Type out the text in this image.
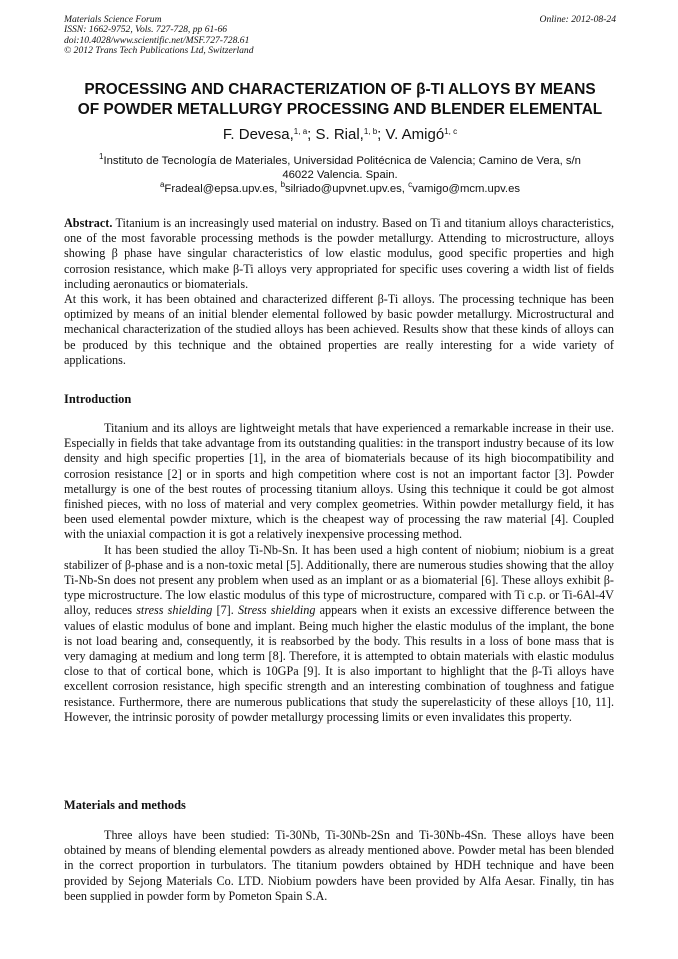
Materials Science Forum
ISSN: 1662-9752, Vols. 727-728, pp 61-66
doi:10.4028/www.scientific.net/MSF.727-728.61
© 2012 Trans Tech Publications Ltd, Switzerland
Online: 2012-08-24
PROCESSING AND CHARACTERIZATION OF β-TI ALLOYS BY MEANS
OF POWDER METALLURGY PROCESSING AND BLENDER ELEMENTAL
F. Devesa,$^{1, a}$; S. Rial,$^{1, b}$; V. Amigó$^{1, c}$
$^1$Instituto de Tecnología de Materiales, Universidad Politécnica de Valencia; Camino de Vera, s/n
46022 Valencia. Spain.
$^a$Fradeal@epsa.upv.es, $^b$silriado@upvnet.upv.es, $^c$vamigo@mcm.upv.es

Abstract. Titanium is an increasingly used material on industry. Based on Ti and titanium alloys characteristics, one of the most favorable processing methods is the powder metallurgy. Attending to microstructure, alloys showing β phase have singular characteristics of low elastic modulus, good specific properties and high corrosion resistance, which make β-Ti alloys very appropriated for specific uses covering a width list of fields including aeronautics or biomaterials.

At this work, it has been obtained and characterized different β-Ti alloys. The processing technique has been optimized by means of an initial blender elemental followed by basic powder metallurgy. Microstructural and mechanical characterization of the studied alloys has been achieved. Results show that these kinds of alloys can be produced by this technique and the obtained properties are really interesting for a wide variety of applications.

Introduction

Titanium and its alloys are lightweight metals that have experienced a remarkable increase in their use. Especially in fields that take advantage from its outstanding qualities: in the transport industry because of its low density and high specific properties [1], in the area of biomaterials because of its high biocompatibility and corrosion resistance [2] or in sports and high competition where cost is not an important factor [3]. Powder metallurgy is one of the best routes of processing titanium alloys. Using this technique it could be got almost finished pieces, with no loss of material and very complex geometries. Within powder metallurgy field, it has been used elemental powder mixture, which is the cheapest way of processing the raw material [4]. Coupled with the uniaxial compaction it is got a relatively inexpensive processing method.

It has been studied the alloy Ti-Nb-Sn. It has been used a high content of niobium; niobium is a great stabilizer of β-phase and is a non-toxic metal [5]. Additionally, there are numerous studies showing that the alloy Ti-Nb-Sn does not present any problem when used as an implant or as a biomaterial [6]. These alloys exhibit β-type microstructure. The low elastic modulus of this type of microstructure, compared with Ti c.p. or Ti-6Al-4V alloy, reduces stress shielding [7]. Stress shielding appears when it exists an excessive difference between the values of elastic modulus of bone and implant. Being much higher the elastic modulus of the implant, the bone is not load bearing and, consequently, it is reabsorbed by the body. This results in a loss of bone mass that is very damaging at medium and long term [8]. Therefore, it is attempted to obtain materials with elastic modulus close to that of cortical bone, which is 10GPa [9]. It is also important to highlight that the β-Ti alloys have excellent corrosion resistance, high specific strength and an interesting combination of toughness and fatigue resistance. Furthermore, there are numerous publications that study the superelasticity of these alloys [10, 11]. However, the intrinsic porosity of powder metallurgy processing limits or even invalidates this property.

Materials and methods

Three alloys have been studied: Ti-30Nb, Ti-30Nb-2Sn and Ti-30Nb-4Sn. These alloys have been obtained by means of blending elemental powders as already mentioned above. Powder metal has been blended in the correct proportion in turbulators. The titanium powders obtained by HDH technique and have been provided by Sejong Materials Co. LTD. Niobium powders have been provided by Alfa Aesar. Finally, tin has been supplied in powder form by Pometon Spain S.A.
